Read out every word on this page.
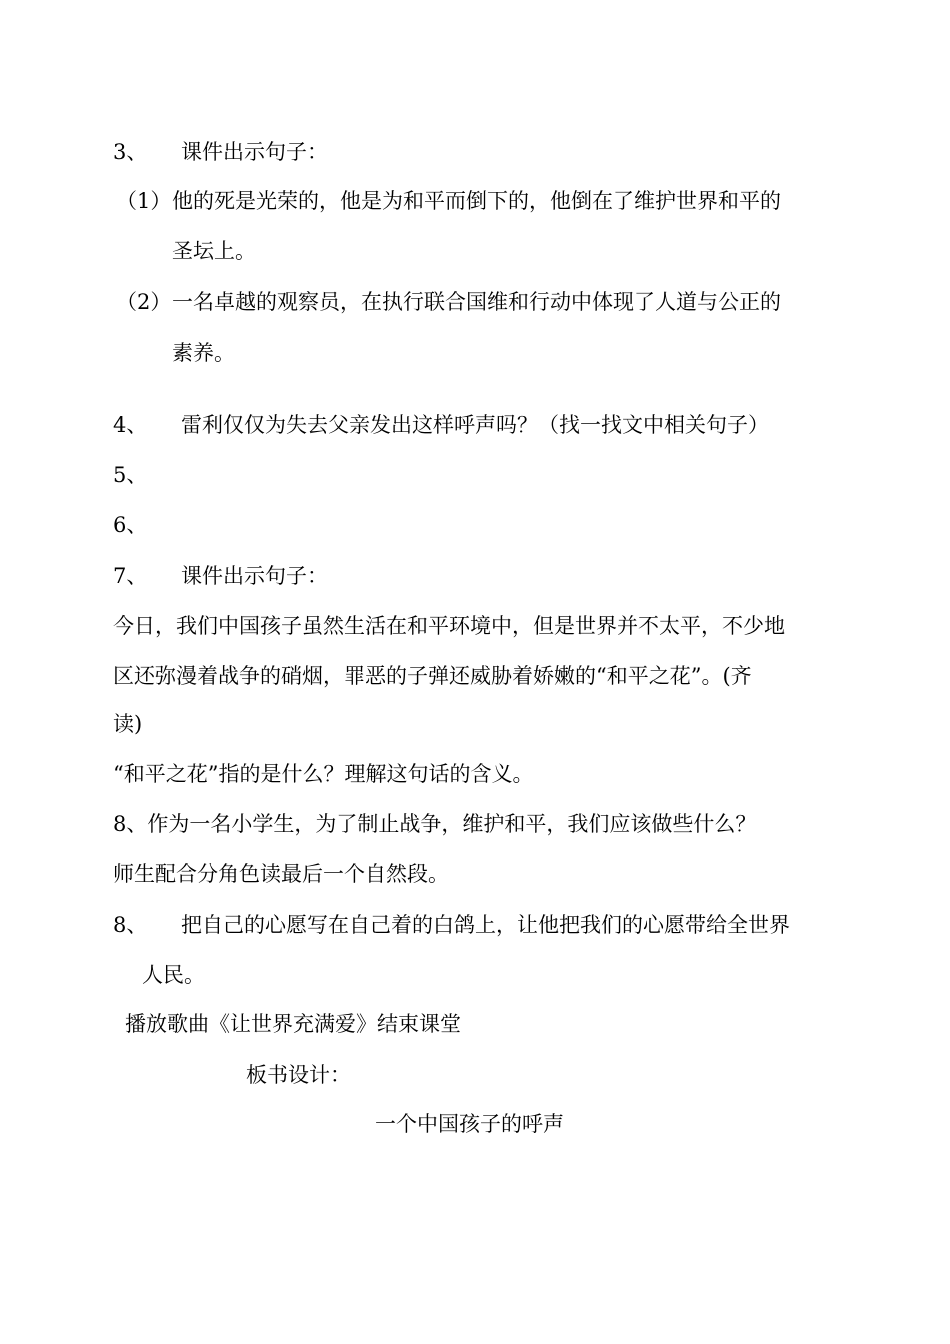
3、 课件出示句子：
（1） 他的死是光荣的，他是为和平而倒下的，他倒在了维护世界和平的
圣坛上。
（2） 一名卓越的观察员，在执行联合国维和行动中体现了人道与公正的
素养。
4、 雷利仅仅为失去父亲发出这样呼声吗？（找一找文中相关句子）
5、
6、
7、 课件出示句子：
今日，我们中国孩子虽然生活在和平环境中，但是世界并不太平，不少地
区还弥漫着战争的硝烟，罪恶的子弹还威胁着娇嫩的“和平之花”。(齐
读)
“和平之花”指的是什么？理解这句话的含义。
8、作为一名小学生，为了制止战争，维护和平，我们应该做些什么？
师生配合分角色读最后一个自然段。
8、 把自己的心愿写在自己着的白鸽上，让他把我们的心愿带给全世界
人民。
播放歌曲《让世界充满爱》结束课堂
板书设计：
一个中国孩子的呼声
